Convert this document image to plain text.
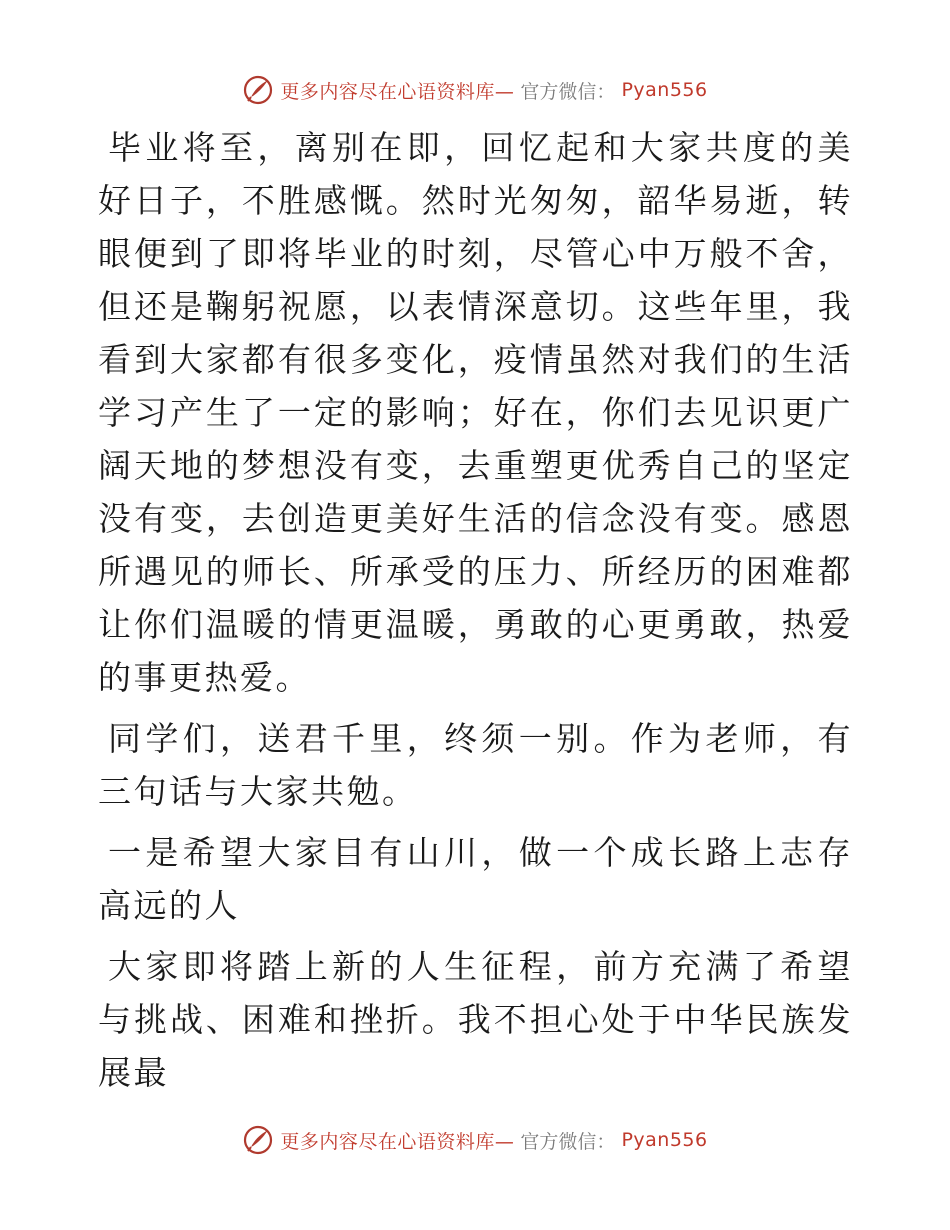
更多内容尽在心语资料库— 官方微信： Pyan556

毕业将至，离别在即，回忆起和大家共度的美好日子，不胜感慨。然时光匆匆，韶华易逝，转眼便到了即将毕业的时刻，尽管心中万般不舍，但还是鞠躬祝愿，以表情深意切。这些年里，我看到大家都有很多变化，疫情虽然对我们的生活学习产生了一定的影响；好在，你们去见识更广阔天地的梦想没有变，去重塑更优秀自己的坚定没有变，去创造更美好生活的信念没有变。感恩所遇见的师长、所承受的压力、所经历的困难都让你们温暖的情更温暖，勇敢的心更勇敢，热爱的事更热爱。

同学们，送君千里，终须一别。作为老师，有三句话与大家共勉。

一是希望大家目有山川，做一个成长路上志存高远的人

大家即将踏上新的人生征程，前方充满了希望与挑战、困难和挫折。我不担心处于中华民族发展最

更多内容尽在心语资料库— 官方微信： Pyan556
